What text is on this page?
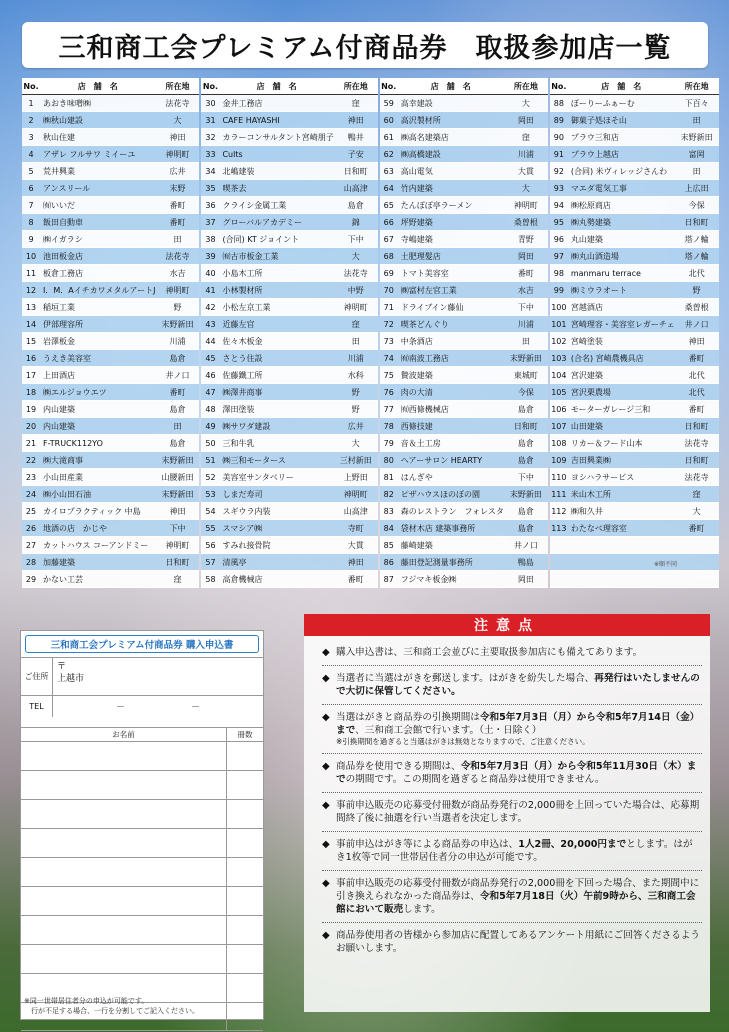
三和商工会プレミアム付商品券　取扱参加店一覧
No.	店　舗　名	所在地
1	あおき味噌㈱	法花寺
2	㈱秋山建設	大
3	秋山住建	神田
4	アザレ フルサワ ミイーユ	神明町
5	荒井興業	広井
6	アンスリール	末野
7	㈲いいだ	番町
8	飯田自動車	番町
9	㈱イガラシ	田
10 池田板金店	法花寺
11 板倉工務店	水吉
12 I．M．AイチカワメタルアートJ	神明町
13 稲垣工業	野
14 伊部理容所	末野新田
15 岩澤板金	川浦
16 うえき美容室	島倉
17 上田酒店	井ノ口
18 ㈱エルジョウエツ	番町
19 内山建築	島倉
20 内山建築	田
21 F-TRUCK112YO	島倉
22 ㈱大滝商事	末野新田
23 小山田産業	山腰新田
24 ㈱小山田石油	末野新田
25 カイロプラクティック 中島	神田
26 地酒の店　かじや	下中
27 カットハウス コーアンドミー	神明町
28 加藤建築	日和町
29 かない工芸	窪
No.	店　舗　名	所在地
30 金井工務店	窪
31 CAFE HAYASHI	神田
32 カラーコンサルタント宮崎朋子	鴨井
33 Cults	子安
34 北嶋建装	日和町
35 喫茶去	山高津
36 クライシ金属工業	島倉
37 グローバルアカデミー	錦
38 (合同) KT ジョイント	下中
39 ㈲古市板金工業	大
40 小島木工所	法花寺
41 小林製材所	中野
42 小松左京工業	神明町
43 近藤左官	窪
44 佐々木板金	田
45 さとう住設	川浦
46 佐藤鐵工所	水科
47 ㈱澤井商事	野
48 澤田塗装	野
49 ㈱サワダ建設	広井
50 三和牛乳	大
51 ㈱三和モータース	三村新田
52 美容室サンタベリー	上野田
53 しまだ寿司	神明町
54 スギウラ内装	山高津
55 スマシア㈱	寺町
56 すみれ接骨院	大貫
57 清風亭	神田
58 高倉機械店	番町
No.	店　舗　名	所在地
59 高幸建設	大
60 高沢製材所	岡田
61 ㈱高名建築店	窪
62 ㈱高橋建設	川浦
63 高山電気	大貫
64 竹内建築	大
65 たんぽぽ亭ラーメン	神明町
66 坪野建築	桑曽根
67 寺嶋建築	青野
68 土肥理髪店	岡田
69 トマト美容室	番町
70 ㈱富村左官工業	水吉
71 ドライブイン藤仙	下中
72 喫茶どんぐり	川浦
73 中条酒店	田
74 ㈲南波工務店	末野新田
75 贄波建築	東城町
76 肉の大清	今保
77 ㈲西條機械店	島倉
78 西條技建	日和町
79 音＆土工房	島倉
80 ヘアーサロン HEARTY	島倉
81 はんぎや	下中
82 ピザハウスほのぼの園	末野新田
83 森のレストラン　フォレスタ	島倉
84 袋材木店 建築事務所	島倉
85 藤崎建築	井ノ口
86 藤田登記測量事務所	鴨島
87 フジマキ板金㈱	岡田
No.	店　舗　名	所在地
88 ぼーりーふぁーむ	下百々
89 御菓子処ほそ山	田
90 プラウ三和店	末野新田
91 プラウ上越店	富岡
92 (合同) 米ヴィレッジさんわ	田
93 マエダ電気工事	上広田
94 ㈱松原商店	今保
95 ㈱丸勢建築	日和町
96 丸山建築	塔ノ輪
97 ㈱丸山酒造場	塔ノ輪
98 manmaru terrace	北代
99 ㈱ミウラオート	野
100 宮越酒店	桑曽根
101 宮崎理容・美容室レガーチェ	井ノ口
102 宮崎塗装	神田
103 (合名) 宮崎農機具店	番町
104 宮沢建築	北代
105 宮沢栗農場	北代
106 モーターガレージ三和	番町
107 山田建築	日和町
108 リカー＆フード山本	法花寺
109 吉田興業㈱	日和町
110 ヨシハラサービス	法花寺
111 米山木工所	窪
112 ㈱和久井	大
113 わたなべ理容室	番町
※順不同
三和商工会プレミアム付商品券 購入申込書
ご住所
〒
上越市
TEL	－	－
お名前	冊数
※同一世帯居住者分の申込が可能です。
　行が不足する場合、一行を分割してご記入ください。
注意点
◆ 購入申込書は、三和商工会並びに主要取扱参加店にも備えてあります。
◆ 当選者に当選はがきを郵送します。はがきを紛失した場合、再発行はいたしませんので大切に保管してください。
◆ 当選はがきと商品券の引換期間は令和5年7月3日（月）から令和5年7月14日（金）まで、三和商工会館で行います。（土・日除く）
※引換期間を過ぎると当選はがきは無効となりますので、ご注意ください。
◆ 商品券を使用できる期間は、令和5年7月3日（月）から令和5年11月30日（木）までの期間です。この期間を過ぎると商品券は使用できません。
◆ 事前申込販売の応募受付冊数が商品券発行の2,000冊を上回っていた場合は、応募期間終了後に抽選を行い当選者を決定します。
◆ 事前申込はがき等による商品券の申込は、1人2冊、20,000円までとします。はがき1枚等で同一世帯居住者分の申込が可能です。
◆ 事前申込販売の応募受付冊数が商品券発行の2,000冊を下回った場合、また期間中に引き換えられなかった商品券は、令和5年7月18日（火）午前9時から、三和商工会館において販売します。
◆ 商品券使用者の皆様から参加店に配置してあるアンケート用紙にご回答くださるようお願いします。
